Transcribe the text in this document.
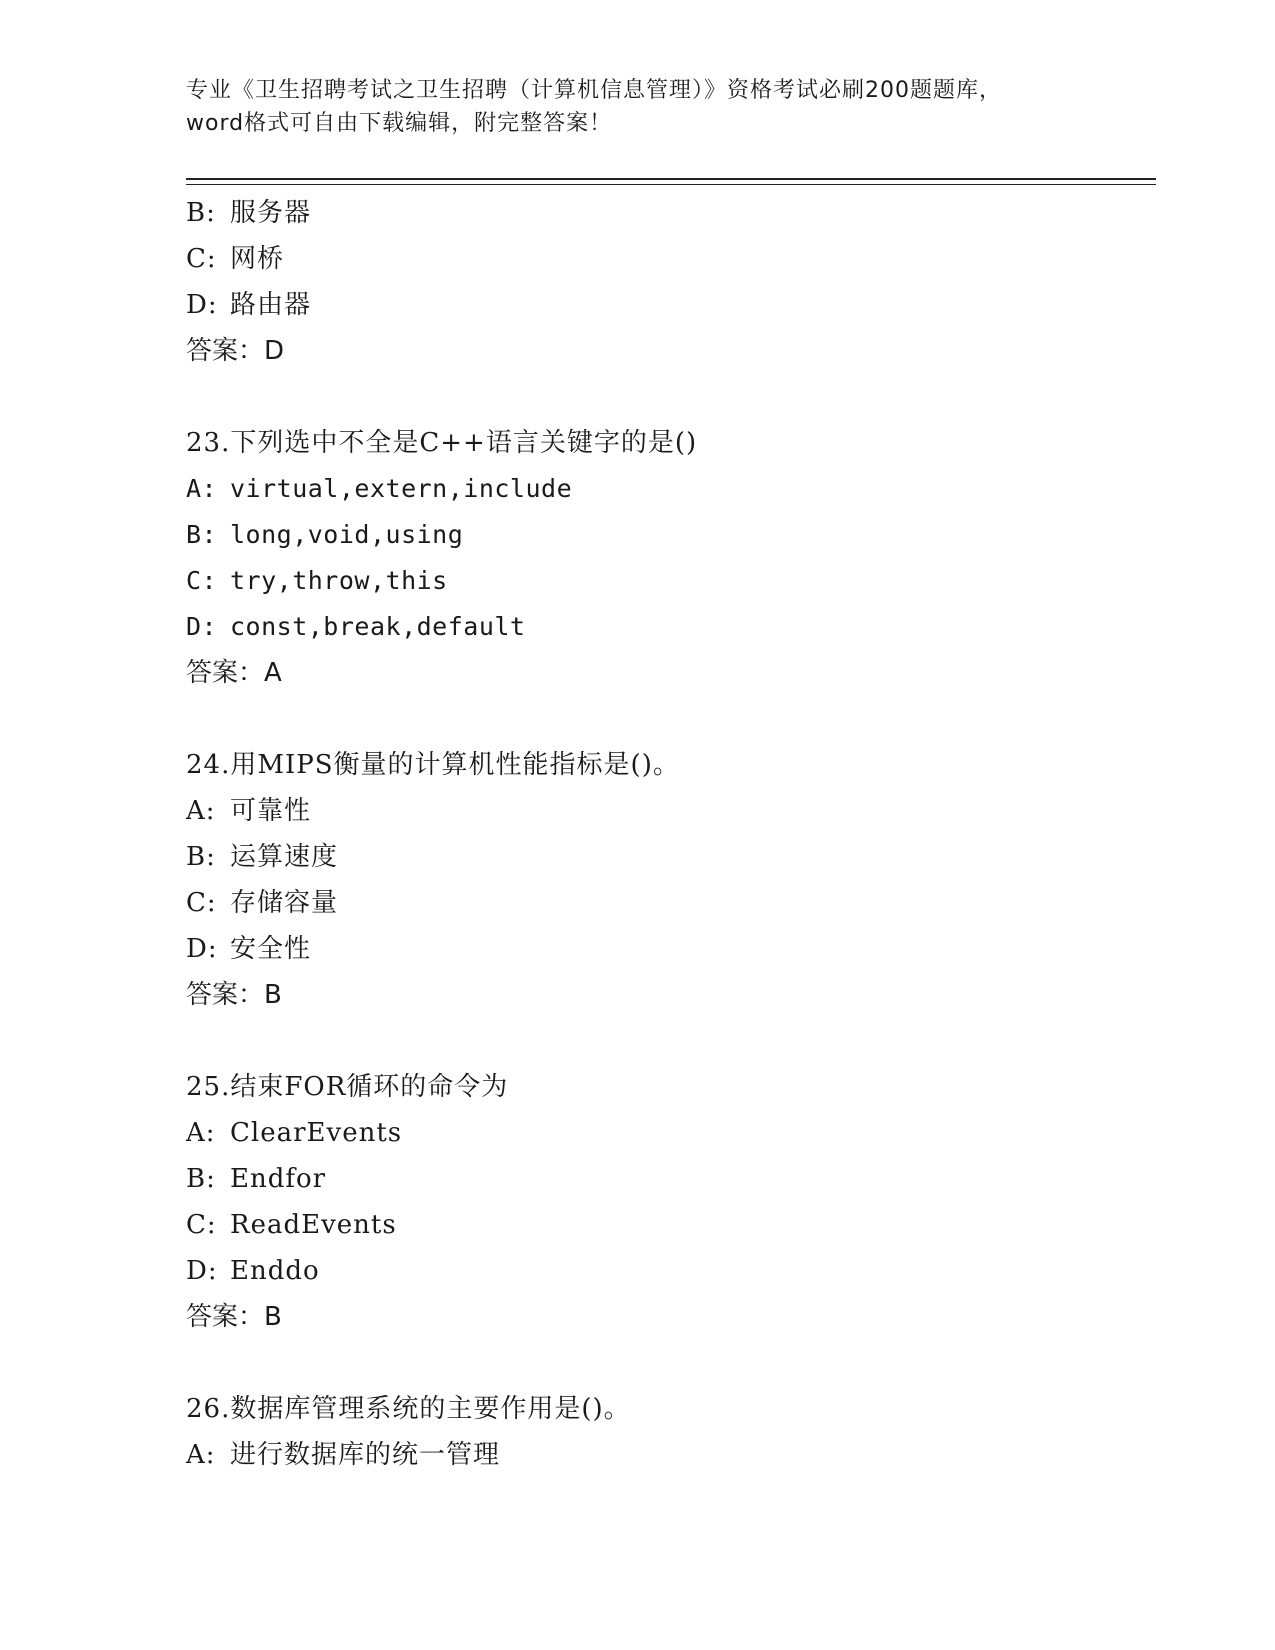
专业《卫生招聘考试之卫生招聘（计算机信息管理）》资格考试必刷200题题库，
word格式可自由下载编辑，附完整答案！
B: 服务器
C: 网桥
D: 路由器
答案：D
23.下列选中不全是C++语言关键字的是()
A: virtual,extern,include
B: long,void,using
C: try,throw,this
D: const,break,default
答案：A
24.用MIPS衡量的计算机性能指标是()。
A: 可靠性
B: 运算速度
C: 存储容量
D: 安全性
答案：B
25.结束FOR循环的命令为
A: ClearEvents
B: Endfor
C: ReadEvents
D: Enddo
答案：B
26.数据库管理系统的主要作用是()。
A: 进行数据库的统一管理
